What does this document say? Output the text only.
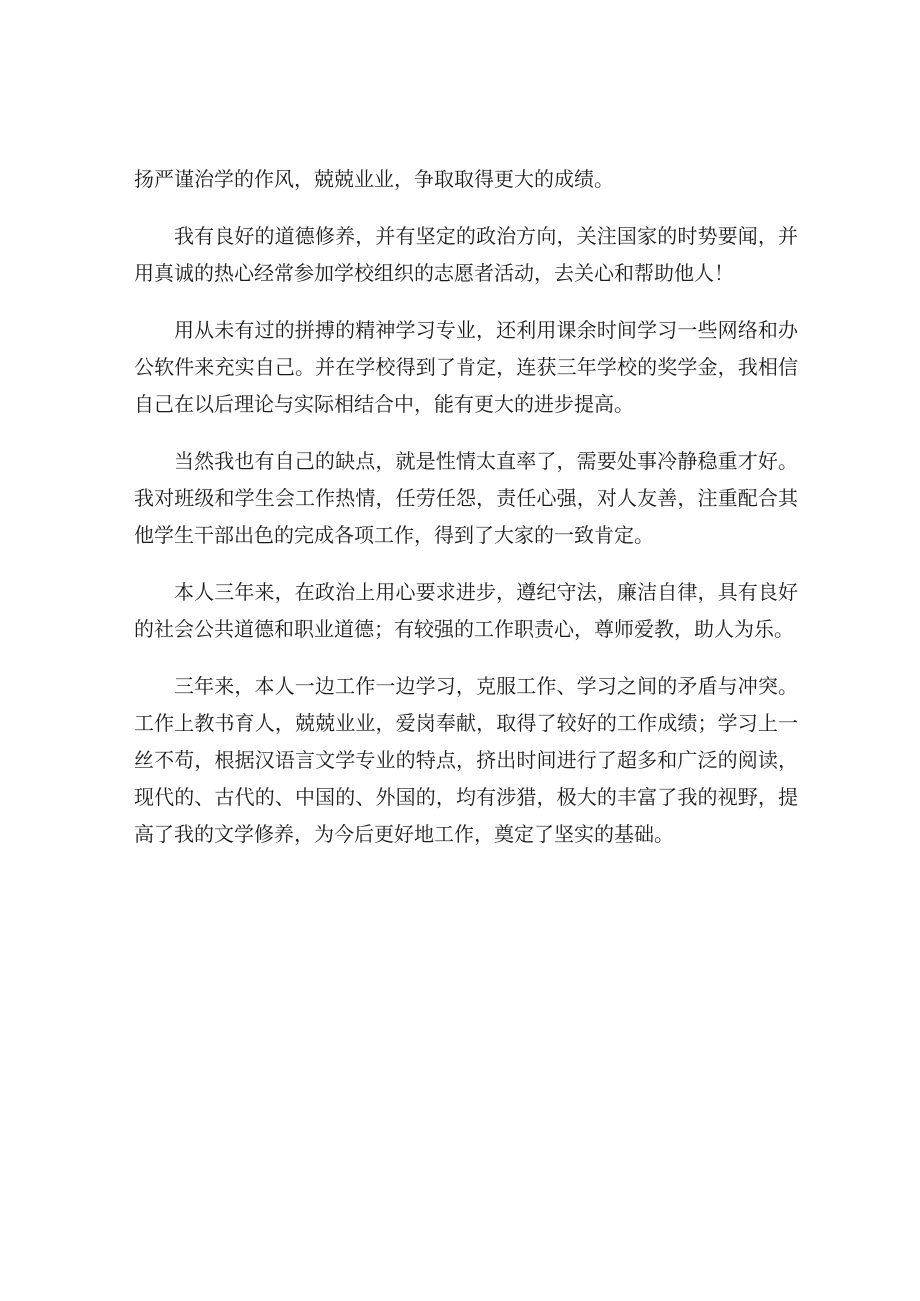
扬严谨治学的作风，兢兢业业，争取取得更大的成绩。

我有良好的道德修养，并有坚定的政治方向，关注国家的时势要闻，并用真诚的热心经常参加学校组织的志愿者活动，去关心和帮助他人！

用从未有过的拼搏的精神学习专业，还利用课余时间学习一些网络和办公软件来充实自己。并在学校得到了肯定，连获三年学校的奖学金，我相信自己在以后理论与实际相结合中，能有更大的进步提高。

当然我也有自己的缺点，就是性情太直率了，需要处事冷静稳重才好。我对班级和学生会工作热情，任劳任怨，责任心强，对人友善，注重配合其他学生干部出色的完成各项工作，得到了大家的一致肯定。

本人三年来，在政治上用心要求进步，遵纪守法，廉洁自律，具有良好的社会公共道德和职业道德；有较强的工作职责心，尊师爱教，助人为乐。

三年来，本人一边工作一边学习，克服工作、学习之间的矛盾与冲突。工作上教书育人，兢兢业业，爱岗奉献，取得了较好的工作成绩；学习上一丝不苟，根据汉语言文学专业的特点，挤出时间进行了超多和广泛的阅读，现代的、古代的、中国的、外国的，均有涉猎，极大的丰富了我的视野，提高了我的文学修养，为今后更好地工作，奠定了坚实的基础。
